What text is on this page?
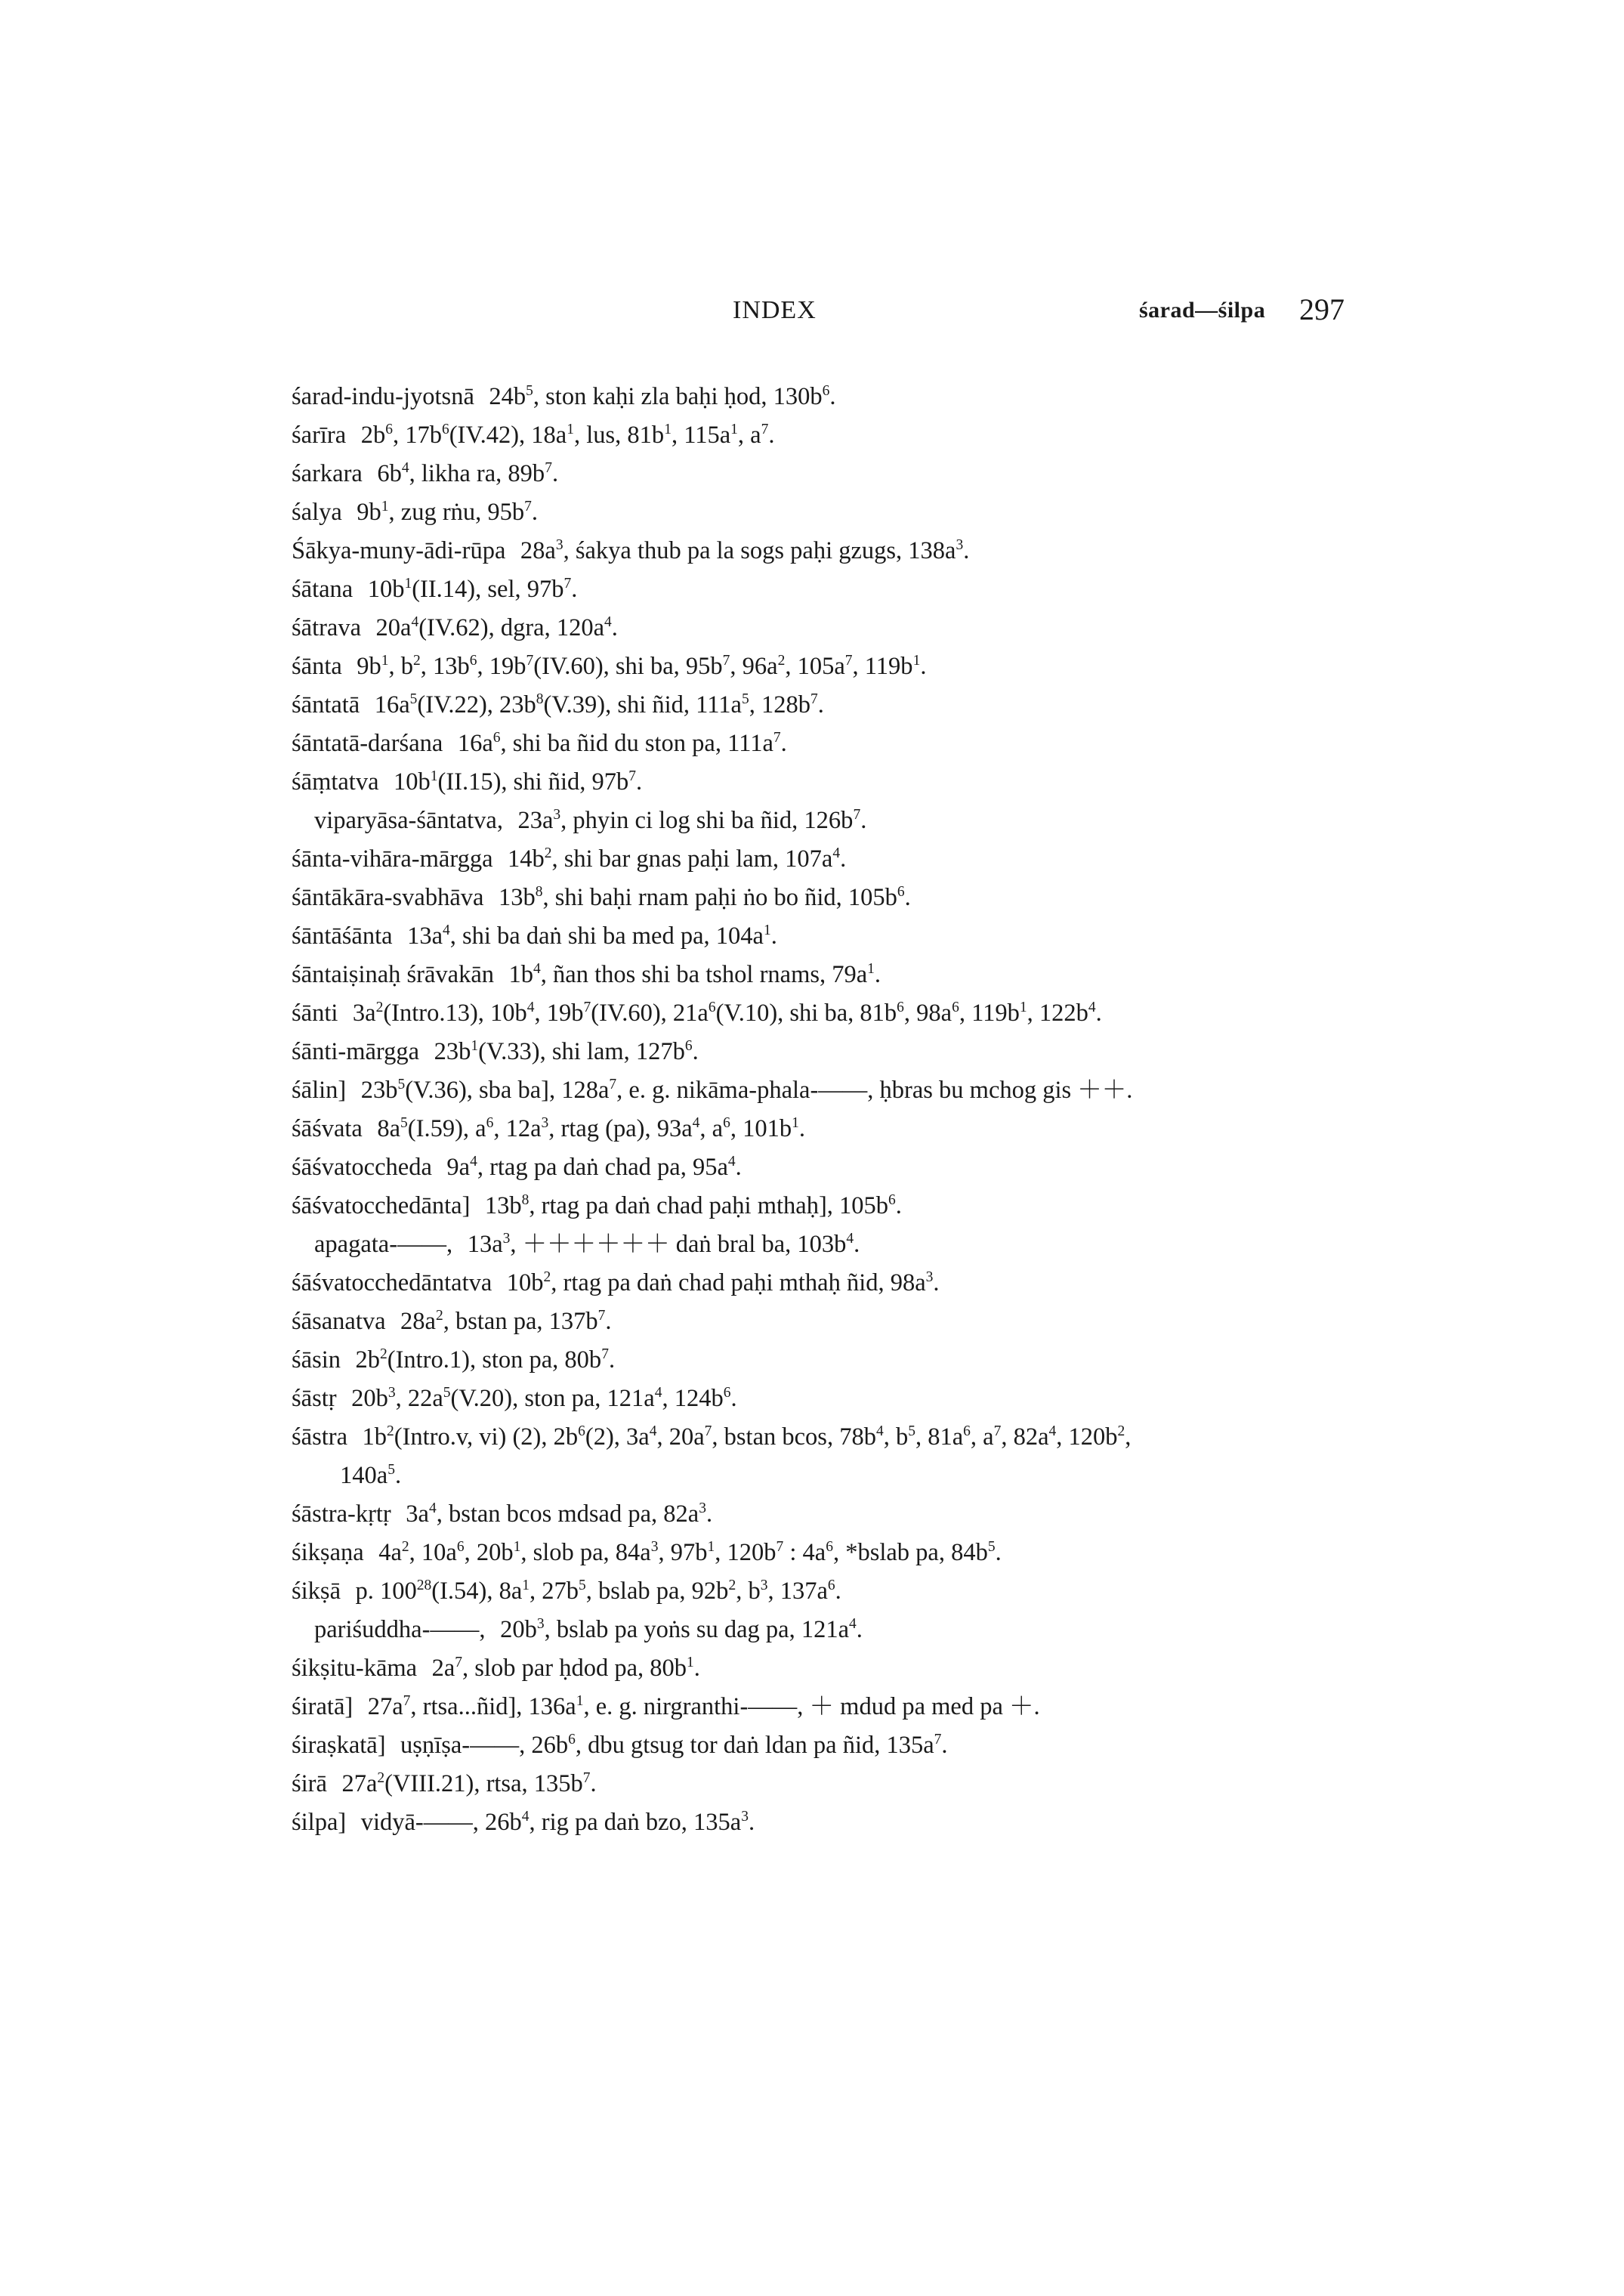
INDEX	śarad—śilpa 297
śarad-indu-jyotsnā $24b^5$, ston kaḥi zla baḥi ḥod, $130b^6$.
śarīra $2b^6$, $17b^6(IV.42)$, $18a^1$, lus, $81b^1$, $115a^1$, $a^7$.
śarkara $6b^4$, likha ra, $89b^7$.
śalya $9b^1$, zug rṅu, $95b^7$.
Śākya-muny-ādi-rūpa $28a^3$, śakya thub pa la sogs paḥi gzugs, $138a^3$.
śātana $10b^1(II.14)$, sel, $97b^7$.
śātrava $20a^4(IV.62)$, dgra, $120a^4$.
śānta $9b^1$, $b^2$, $13b^6$, $19b^7(IV.60)$, shi ba, $95b^7$, $96a^2$, $105a^7$, $119b^1$.
śāntatā $16a^5(IV.22)$, $23b^8(V.39)$, shi ñid, $111a^5$, $128b^7$.
śāntatā-darśana $16a^6$, shi ba ñid du ston pa, $111a^7$.
śāṃtatva $10b^1(II.15)$, shi ñid, $97b^7$.
viparyāsa-śāntatva, $23a^3$, phyin ci log shi ba ñid, $126b^7$.
śānta-vihāra-mārgga $14b^2$, shi bar gnas paḥi lam, $107a^4$.
śāntākāra-svabhāva $13b^8$, shi baḥi rnam paḥi ṅo bo ñid, $105b^6$.
śāntāśānta $13a^4$, shi ba daṅ shi ba med pa, $104a^1$.
śāntaiṣinaḥ śrāvakān $1b^4$, ñan thos shi ba tshol rnams, $79a^1$.
śānti $3a^2(Intro.13)$, $10b^4$, $19b^7(IV.60)$, $21a^6(V.10)$, shi ba, $81b^6$, $98a^6$, $119b^1$, $122b^4$.
śānti-mārgga $23b^1(V.33)$, shi lam, $127b^6$.
śālin] $23b^5(V.36)$, sba ba], $128a^7$, e. g. nikāma-phala-——, ḥbras bu mchog gis ＋＋.
śāśvata $8a^5(I.59)$, $a^6$, $12a^3$, rtag (pa), $93a^4$, $a^6$, $101b^1$.
śāśvatoccheda $9a^4$, rtag pa daṅ chad pa, $95a^4$.
śāśvatocchedānta] $13b^8$, rtag pa daṅ chad paḥi mthaḥ], $105b^6$.
apagata-——, $13a^3$, ＋＋＋＋＋＋ daṅ bral ba, $103b^4$.
śāśvatocchedāntatva $10b^2$, rtag pa daṅ chad paḥi mthaḥ ñid, $98a^3$.
śāsanatva $28a^2$, bstan pa, $137b^7$.
śāsin $2b^2(Intro.1)$, ston pa, $80b^7$.
śāstṛ $20b^3$, $22a^5(V.20)$, ston pa, $121a^4$, $124b^6$.
śāstra $1b^2(Intro.v$, vi) (2), $2b^6(2)$, $3a^4$, $20a^7$, bstan bcos, $78b^4$, $b^5$, $81a^6$, $a^7$, $82a^4$, $120b^2$,
$140a^5$.
śāstra-kṛtṛ $3a^4$, bstan bcos mdsad pa, $82a^3$.
śikṣaṇa $4a^2$, $10a^6$, $20b^1$, slob pa, $84a^3$, $97b^1$, $120b^7$ : $4a^6$, *bslab pa, $84b^5$.
śikṣā p. $100^{28}(I.54)$, $8a^1$, $27b^5$, bslab pa, $92b^2$, $b^3$, $137a^6$.
pariśuddha-——, $20b^3$, bslab pa yoṅs su dag pa, $121a^4$.
śikṣitu-kāma $2a^7$, slob par ḥdod pa, $80b^1$.
śiratā] $27a^7$, rtsa...ñid], $136a^1$, e. g. nirgranthi-——, ＋ mdud pa med pa ＋.
śiraṣkatā] uṣṇīṣa-——, $26b^6$, dbu gtsug tor daṅ ldan pa ñid, $135a^7$.
śirā $27a^2(VIII.21)$, rtsa, $135b^7$.
śilpa] vidyā-——, $26b^4$, rig pa daṅ bzo, $135a^3$.
